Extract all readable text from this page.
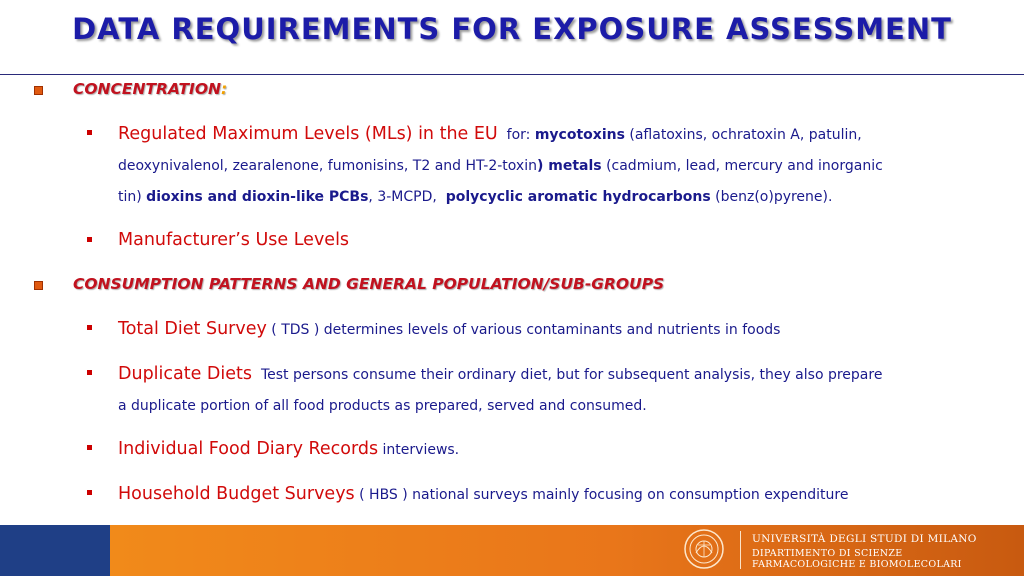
DATA REQUIREMENTS FOR EXPOSURE ASSESSMENT
CONCENTRATION:
Regulated Maximum Levels (MLs) in the EU for: mycotoxins (aflatoxins, ochratoxin A, patulin,
deoxynivalenol, zearalenone, fumonisins, T2 and HT-2-toxin) metals (cadmium, lead, mercury and inorganic
tin) dioxins and dioxin-like PCBs, 3-MCPD, polycyclic aromatic hydrocarbons (benz(o)pyrene).
Manufacturer’s Use Levels
CONSUMPTION PATTERNS AND GENERAL POPULATION/SUB-GROUPS
Total Diet Survey ( TDS ) determines levels of various contaminants and nutrients in foods
Duplicate Diets Test persons consume their ordinary diet, but for subsequent analysis, they also prepare
a duplicate portion of all food products as prepared, served and consumed.
Individual Food Diary Records interviews.
Household Budget Surveys ( HBS ) national surveys mainly focusing on consumption expenditure
UNIVERSITÀ DEGLI STUDI DI MILANO
DIPARTIMENTO DI SCIENZE
FARMACOLOGICHE E BIOMOLECOLARI
